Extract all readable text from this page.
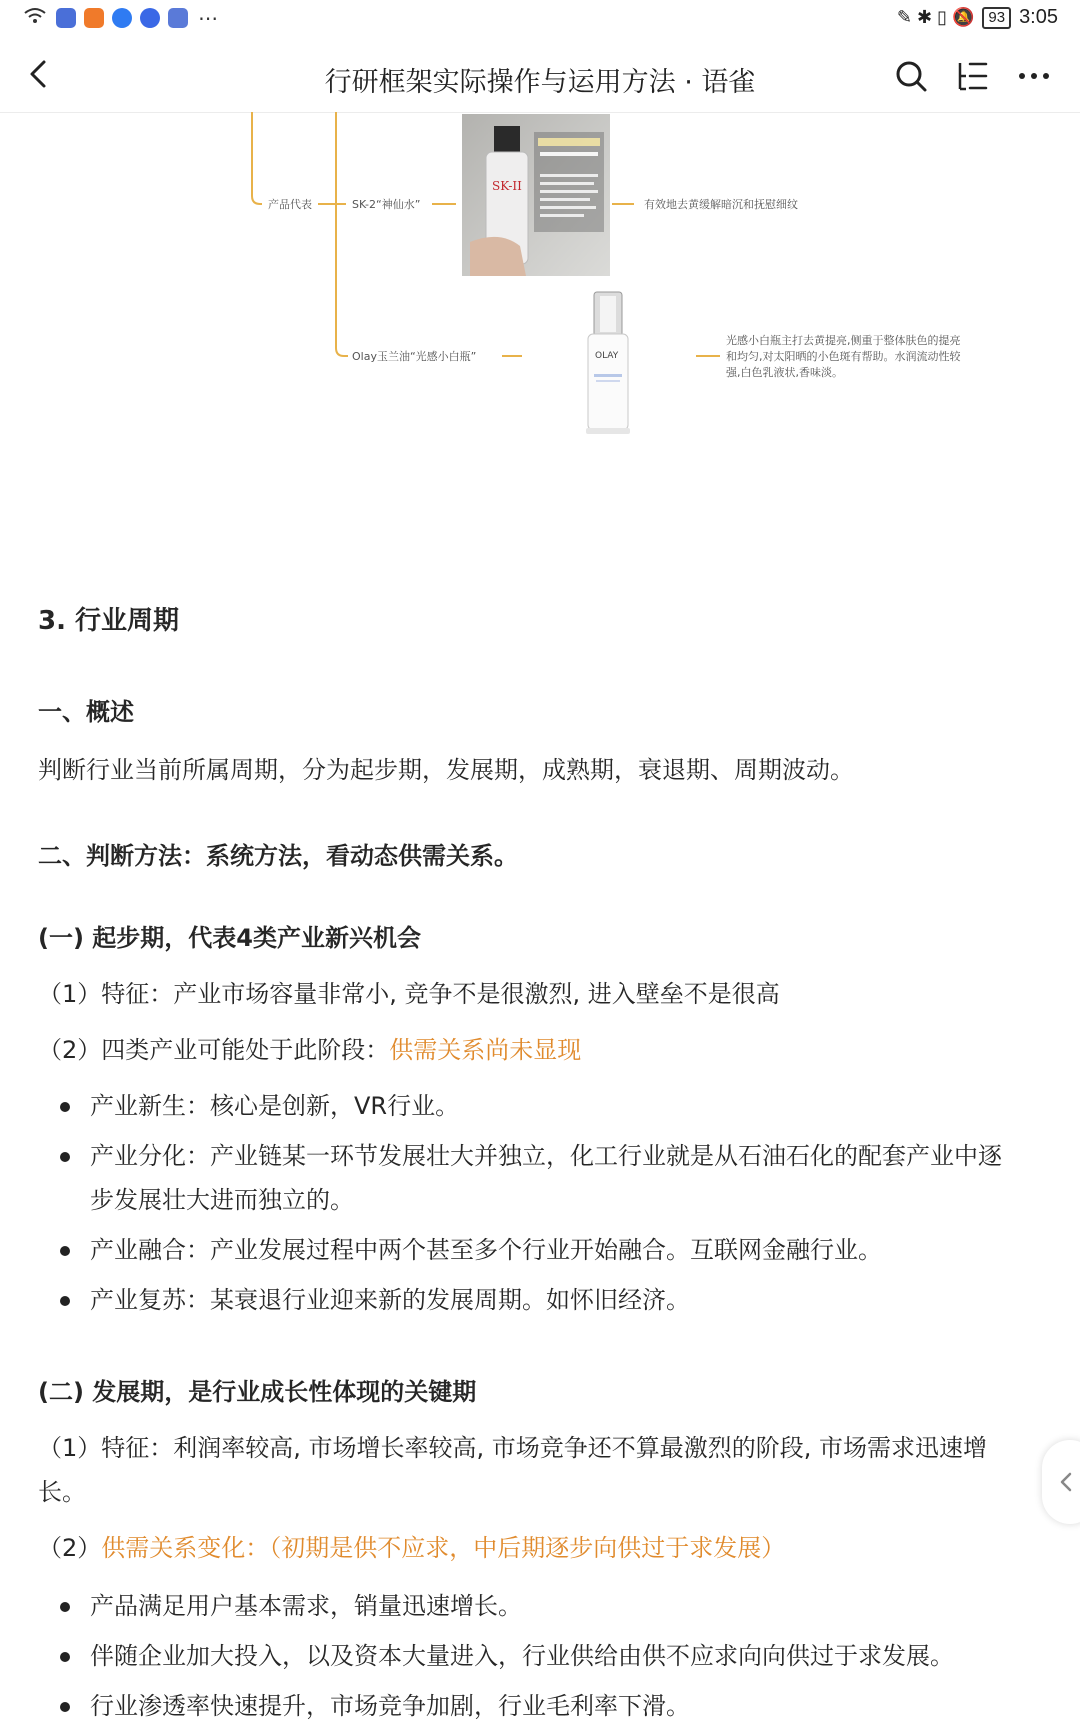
⋯	✎ ✱ ▯ 🔕 93 3:05
行研框架实际操作与运用方法 · 语雀
产品代表	SK-2“神仙水”	有效地去黄缓解暗沉和抚慰细纹
Olay玉兰油“光感小白瓶”
光感小白瓶主打去黄提亮,侧重于整体肤色的提亮
和均匀,对太阳晒的小色斑有帮助。水润流动性较
强,白色乳液状,香味淡。
SK-II
OLAY
3. 行业周期
一、概述
判断行业当前所属周期，分为起步期，发展期，成熟期，衰退期、周期波动。
二、判断方法：系统方法，看动态供需关系。
(一) 起步期，代表4类产业新兴机会
（1）特征：产业市场容量非常小, 竞争不是很激烈, 进入壁垒不是很高
（2）四类产业可能处于此阶段：供需关系尚未显现
产业新生：核心是创新，VR行业。
产业分化：产业链某一环节发展壮大并独立，化工行业就是从石油石化的配套产业中逐步发展壮大进而独立的。
产业融合：产业发展过程中两个甚至多个行业开始融合。互联网金融行业。
产业复苏：某衰退行业迎来新的发展周期。如怀旧经济。
(二) 发展期，是行业成长性体现的关键期
（1）特征：利润率较高, 市场增长率较高, 市场竞争还不算最激烈的阶段, 市场需求迅速增长。
（2）供需关系变化：（初期是供不应求，中后期逐步向供过于求发展）
产品满足用户基本需求，销量迅速增长。
伴随企业加大投入，以及资本大量进入，行业供给由供不应求向向供过于求发展。
行业渗透率快速提升，市场竞争加剧，行业毛利率下滑。
